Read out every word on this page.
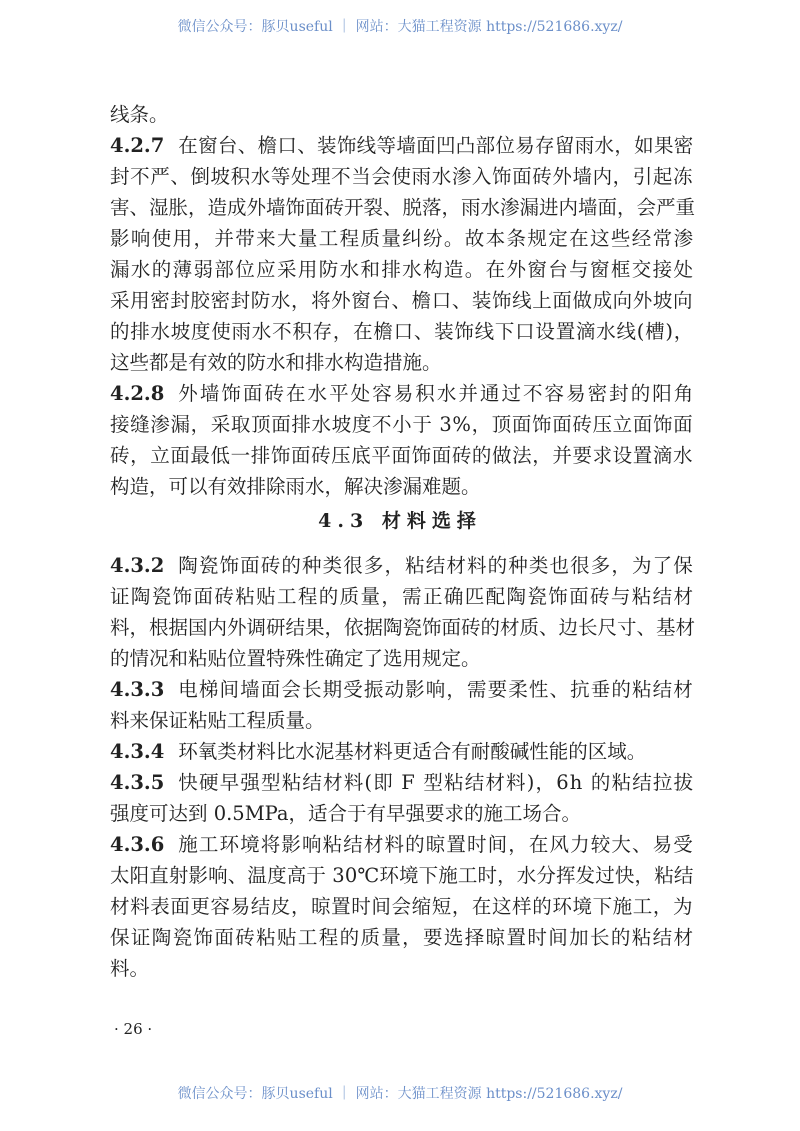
微信公众号：豚贝useful ｜ 网站：大猫工程资源 https://521686.xyz/
线条。
4.2.7 在窗台、檐口、装饰线等墙面凹凸部位易存留雨水，如果密
封不严、倒坡积水等处理不当会使雨水渗入饰面砖外墙内，引起冻
害、湿胀，造成外墙饰面砖开裂、脱落，雨水渗漏进内墙面，会严重
影响使用，并带来大量工程质量纠纷。故本条规定在这些经常渗
漏水的薄弱部位应采用防水和排水构造。在外窗台与窗框交接处
采用密封胶密封防水，将外窗台、檐口、装饰线上面做成向外坡向
的排水坡度使雨水不积存，在檐口、装饰线下口设置滴水线(槽)，
这些都是有效的防水和排水构造措施。
4.2.8 外墙饰面砖在水平处容易积水并通过不容易密封的阳角
接缝渗漏，采取顶面排水坡度不小于 3%，顶面饰面砖压立面饰面
砖，立面最低一排饰面砖压底平面饰面砖的做法，并要求设置滴水
构造，可以有效排除雨水，解决渗漏难题。
4.3 材料选择
4.3.2 陶瓷饰面砖的种类很多，粘结材料的种类也很多，为了保
证陶瓷饰面砖粘贴工程的质量，需正确匹配陶瓷饰面砖与粘结材
料，根据国内外调研结果，依据陶瓷饰面砖的材质、边长尺寸、基材
的情况和粘贴位置特殊性确定了选用规定。
4.3.3 电梯间墙面会长期受振动影响，需要柔性、抗垂的粘结材
料来保证粘贴工程质量。
4.3.4 环氧类材料比水泥基材料更适合有耐酸碱性能的区域。
4.3.5 快硬早强型粘结材料(即 F 型粘结材料)，6h 的粘结拉拔
强度可达到 0.5MPa，适合于有早强要求的施工场合。
4.3.6 施工环境将影响粘结材料的晾置时间，在风力较大、易受
太阳直射影响、温度高于 30℃环境下施工时，水分挥发过快，粘结
材料表面更容易结皮，晾置时间会缩短，在这样的环境下施工，为
保证陶瓷饰面砖粘贴工程的质量，要选择晾置时间加长的粘结材
料。
· 26 ·
微信公众号：豚贝useful ｜ 网站：大猫工程资源 https://521686.xyz/
